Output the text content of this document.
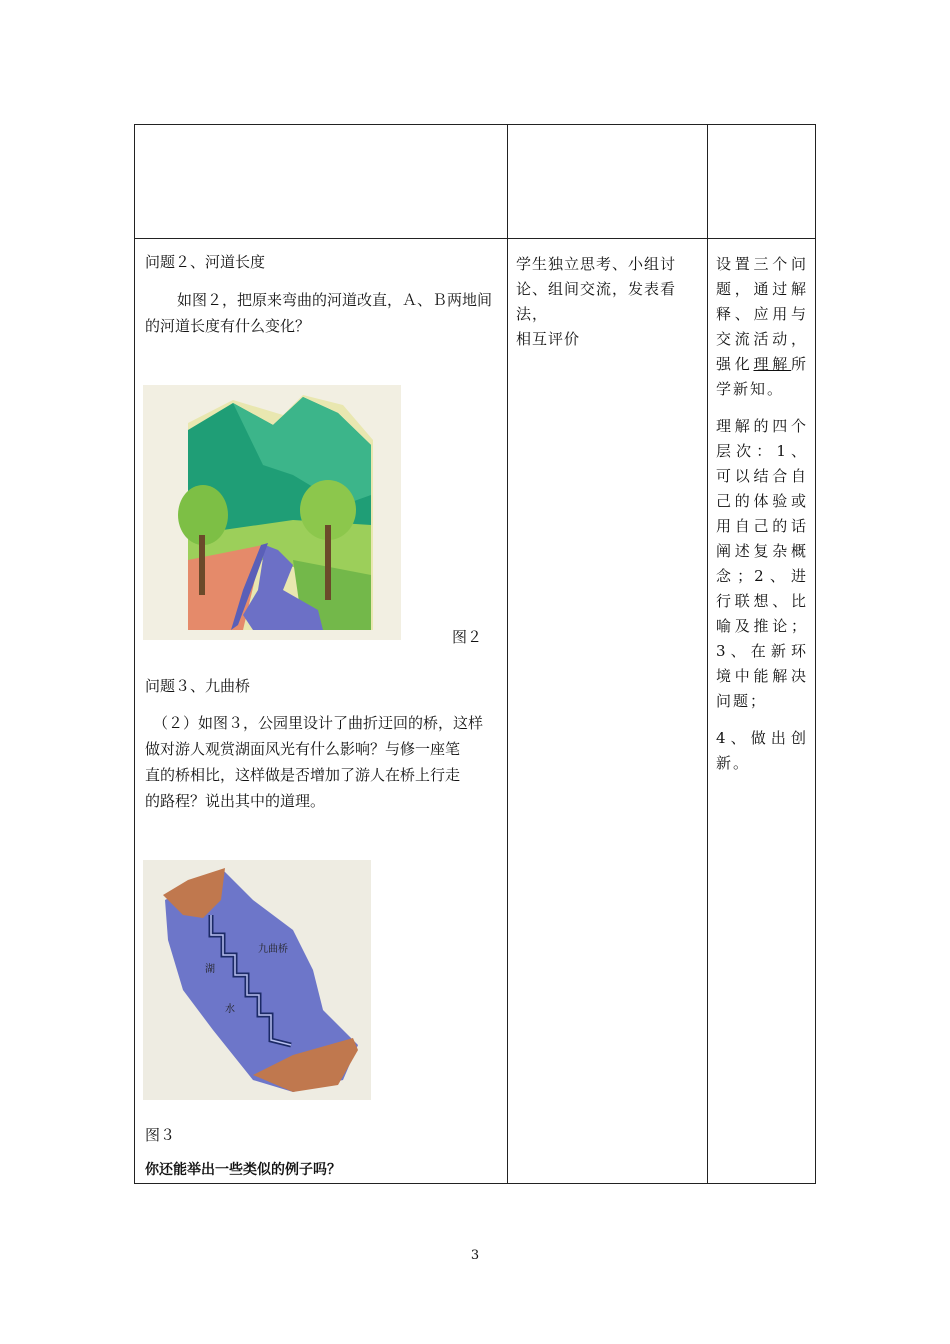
问题２、河道长度
如图２，把原来弯曲的河道改直，Ａ、Ｂ两地间
的河道长度有什么变化？
图２
问题３、九曲桥
（２）如图３，公园里设计了曲折迂回的桥，这样
做对游人观赏湖面风光有什么影响？与修一座笔
直的桥相比，这样做是否增加了游人在桥上行走
的路程？说出其中的道理。
九曲桥
湖
水
图３
你还能举出一些类似的例子吗？
学生独立思考、小组讨
论、组间交流，发表看法，
相互评价

设置三个问题，通过解释、应用与交流活动，强化理解所学新知。

理解的四个层次：1、可以结合自己的体验或用自己的话阐述复杂概念；2、进行联想、比喻及推论；3、在新环境中能解决问题；

4、做出创新。

3
